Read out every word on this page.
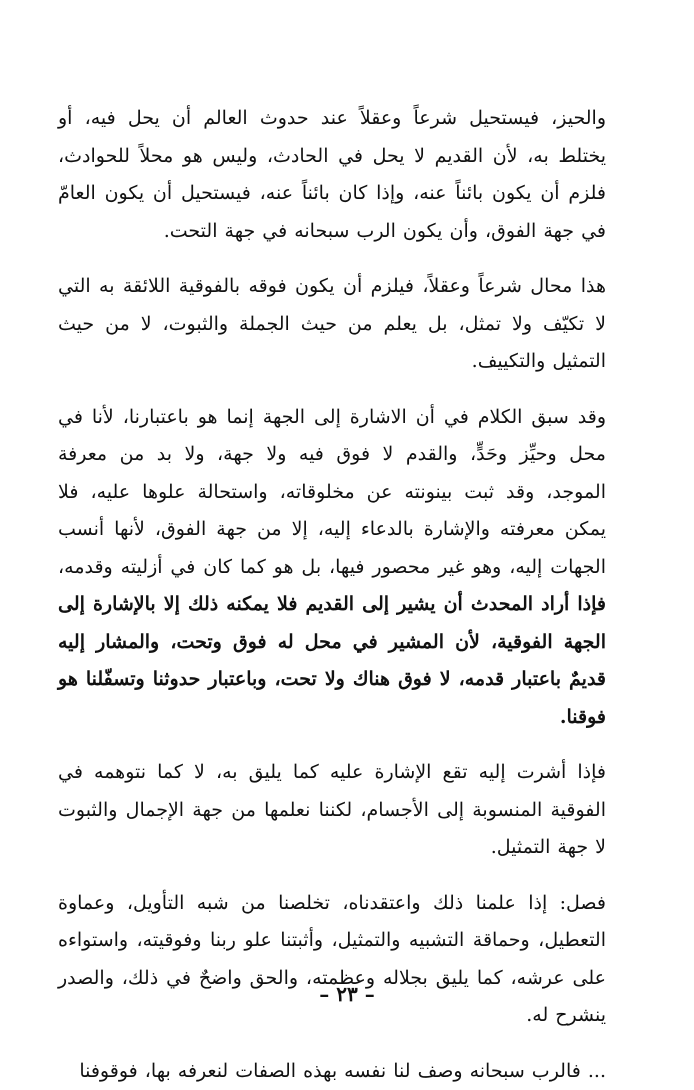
والحيز، فيستحيل شرعاً وعقلاً عند حدوث العالم أن يحل فيه، أو يختلط به، لأن القديم لا يحل في الحادث، وليس هو محلاً للحوادث، فلزم أن يكون بائناً عنه، وإذا كان بائناً عنه، فيستحيل أن يكون العامّ في جهة الفوق، وأن يكون الرب سبحانه في جهة التحت.

هذا محال شرعاً وعقلاً، فيلزم أن يكون فوقه بالفوقية اللائقة به التي لا تكيّف ولا تمثل، بل يعلم من حيث الجملة والثبوت، لا من حيث التمثيل والتكييف.

وقد سبق الكلام في أن الاشارة إلى الجهة إنما هو باعتبارنا، لأنا في محل وحيِّز وحَدٍّ، والقدم لا فوق فيه ولا جهة، ولا بد من معرفة الموجد، وقد ثبت بينونته عن مخلوقاته، واستحالة علوها عليه، فلا يمكن معرفته والإشارة بالدعاء إليه، إلا من جهة الفوق، لأنها أنسب الجهات إليه، وهو غير محصور فيها، بل هو كما كان في أزليته وقدمه، فإذا أراد المحدث أن يشير إلى القديم فلا يمكنه ذلك إلا بالإشارة إلى الجهة الفوقية، لأن المشير في محل له فوق وتحت، والمشار إليه قديمٌ باعتبار قدمه، لا فوق هناك ولا تحت، وباعتبار حدوثنا وتسفّلنا هو فوقنا.

فإذا أشرت إليه تقع الإشارة عليه كما يليق به، لا كما نتوهمه في الفوقية المنسوبة إلى الأجسام، لكننا نعلمها من جهة الإجمال والثبوت لا جهة التمثيل.

فصل: إذا علمنا ذلك واعتقدناه، تخلصنا من شبه التأويل، وعماوة التعطيل، وحماقة التشبيه والتمثيل، وأثبتنا علو ربنا وفوقيته، واستواءه على عرشه، كما يليق بجلاله وعظمته، والحق واضحٌ في ذلك، والصدر ينشرح له.

... فالرب سبحانه وصف لنا نفسه بهذه الصفات لنعرفه بها، فوقوفنا

– ٢٣ –
